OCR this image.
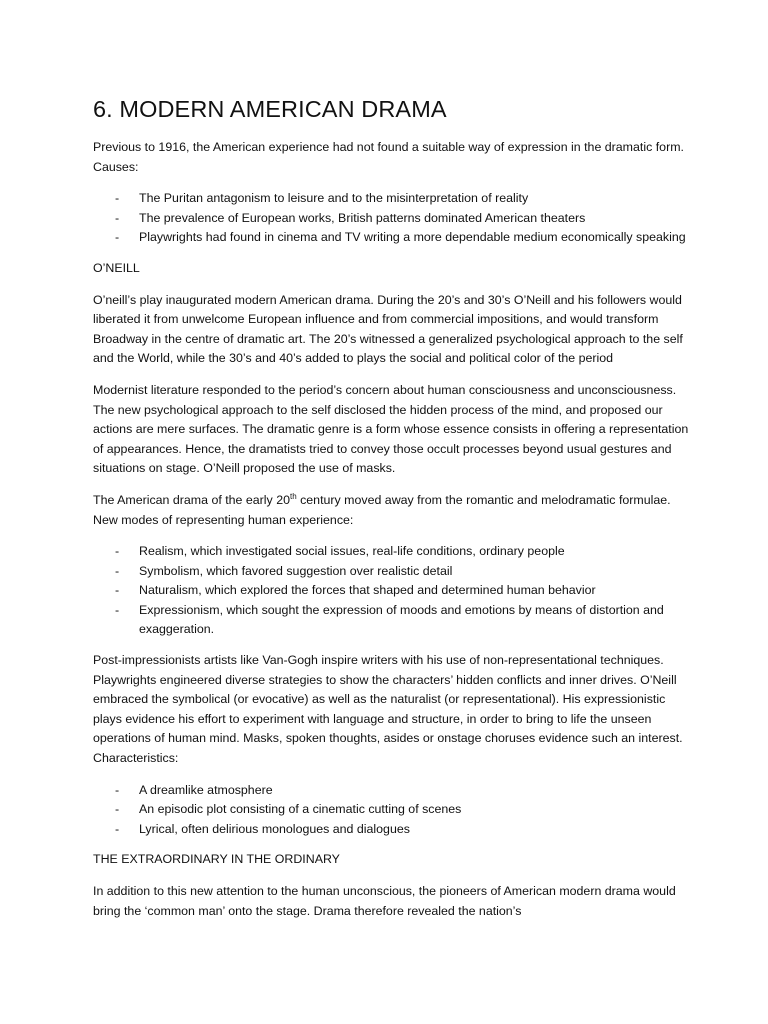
6. MODERN AMERICAN DRAMA

Previous to 1916, the American experience had not found a suitable way of expression in the dramatic form. Causes:

- The Puritan antagonism to leisure and to the misinterpretation of reality
- The prevalence of European works, British patterns dominated American theaters
- Playwrights had found in cinema and TV writing a more dependable medium economically speaking

O’NEILL

O’neill’s play inaugurated modern American drama. During the 20’s and 30’s O’Neill and his followers would liberated it from unwelcome European influence and from commercial impositions, and would transform Broadway in the centre of dramatic art. The 20’s witnessed a generalized psychological approach to the self and the World, while the 30’s and 40’s added to plays the social and political color of the period

Modernist literature responded to the period’s concern about human consciousness and unconsciousness. The new psychological approach to the self disclosed the hidden process of the mind, and proposed our actions are mere surfaces. The dramatic genre is a form whose essence consists in offering a representation of appearances. Hence, the dramatists tried to convey those occult processes beyond usual gestures and situations on stage. O’Neill proposed the use of masks.

The American drama of the early 20th century moved away from the romantic and melodramatic formulae. New modes of representing human experience:

- Realism, which investigated social issues, real-life conditions, ordinary people
- Symbolism, which favored suggestion over realistic detail
- Naturalism, which explored the forces that shaped and determined human behavior
- Expressionism, which sought the expression of moods and emotions by means of distortion and exaggeration.

Post-impressionists artists like Van-Gogh inspire writers with his use of non-representational techniques. Playwrights engineered diverse strategies to show the characters’ hidden conflicts and inner drives. O’Neill embraced the symbolical (or evocative) as well as the naturalist (or representational). His expressionistic plays evidence his effort to experiment with language and structure, in order to bring to life the unseen operations of human mind. Masks, spoken thoughts, asides or onstage choruses evidence such an interest. Characteristics:

- A dreamlike atmosphere
- An episodic plot consisting of a cinematic cutting of scenes
- Lyrical, often delirious monologues and dialogues

THE EXTRAORDINARY IN THE ORDINARY

In addition to this new attention to the human unconscious, the pioneers of American modern drama would bring the ‘common man’ onto the stage. Drama therefore revealed the nation’s
